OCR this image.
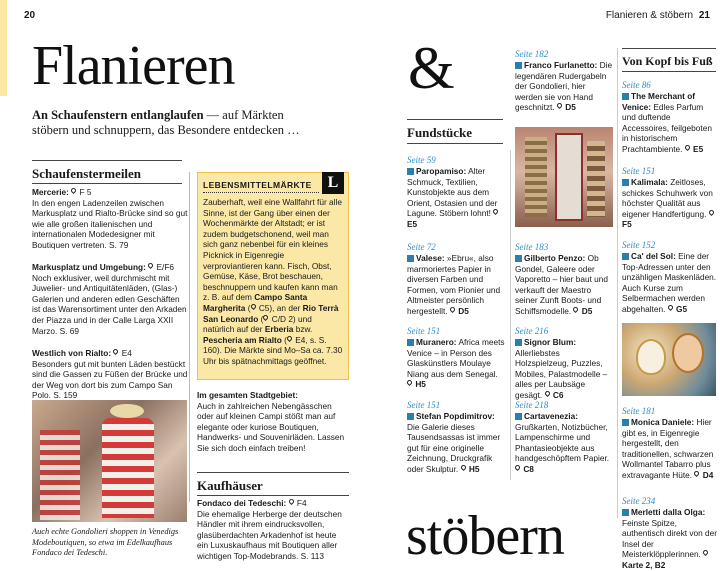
20	Flanieren & stöbern 21
Flanieren	&
stöbern
An Schaufenstern entlanglaufen — auf Märkten
stöbern und schnuppern, das Besondere entdecken …
Schaufenstermeilen
Mercerie: F 5
In den engen Ladenzeilen zwischen Markusplatz und Rialto-Brücke sind so gut wie alle großen italienischen und internationalen Modedesigner mit Boutiquen vertreten. S. 79
Markusplatz und Umgebung: E/F6
Noch exklusiver, weil durchmischt mit Juwelier- und Antiquitätenläden, (Glas-) Galerien und anderen edlen Geschäften ist das Warensortiment unter den Arkaden der Piazza und in der Calle Larga XXII Marzo. S. 69
Westlich von Rialto: E4
Besonders gut mit bunten Läden bestückt sind die Gassen zu Füßen der Brücke und der Weg von dort bis zum Campo San Polo. S. 159
Auch echte Gondolieri shoppen in Venedigs Modeboutiquen, so etwa im Edelkaufhaus Fondaco dei Tedeschi.
LEBENSMITTELMÄRKTE L
Zauberhaft, weil eine Wallfahrt für alle Sinne, ist der Gang über einen der Wochenmärkte der Altstadt; er ist zudem budgetschonend, weil man sich ganz nebenbei für ein kleines Picknick in Eigenregie verproviantieren kann. Fisch, Obst, Gemüse, Käse, Brot beschauen, beschnuppern und kaufen kann man z. B. auf dem Campo Santa Margherita ( C5), an der Rio Terrà San Leonardo ( C/D 2) und natürlich auf der Erberia bzw. Pescheria am Rialto ( E4, s. S. 160). Die Märkte sind Mo–Sa ca. 7.30 Uhr bis spätnachmittags geöffnet.
Im gesamten Stadtgebiet:
Auch in zahlreichen Nebengässchen oder auf kleinen Campi stößt man auf elegante oder kuriose Boutiquen, Handwerks- und Souvenirläden. Lassen Sie sich doch einfach treiben!
Kaufhäuser
Fondaco dei Tedeschi: F4
Die ehemalige Herberge der deutschen Händler mit ihrem eindrucksvollen, glasüberdachten Arkadenhof ist heute ein Luxuskaufhaus mit Boutiquen aller wichtigen Top-Modebrands. S. 113
Fundstücke
Seite 59
Paropamiso: Alter Schmuck, Textilien, Kunstobjekte aus dem Orient, Ostasien und der Lagune. Stöbern lohnt!  E5
Seite 72
Valese: »Ebru«, also marmoriertes Papier in diversen Farben und Formen, vom Pionier und Altmeister persönlich hergestellt. D5
Seite 151
Muranero: Africa meets Venice – in Person des Glaskünstlers Moulaye Niang aus dem Senegal.  H5
Seite 151
Stefan Popdimitrov: Die Galerie dieses Tausendsassas ist immer gut für eine originelle Zeichnung, Druckgrafik oder Skulptur. H5
Seite 182
Franco Furlanetto: Die legendären Rudergabeln der Gondolieri, hier werden sie von Hand geschnitzt. D5
Seite 183
Gilberto Penzo: Ob Gondel, Galeere oder Vaporetto – hier baut und verkauft der Maestro seiner Zunft Boots- und Schiffsmodelle. D5
Seite 216
Signor Blum: Allerliebstes Holzspielzeug, Puzzles, Mobiles, Palastmodelle – alles per Laubsäge gesägt. C6
Seite 218
Cartavenezia: Grußkarten, Notizbücher, Lampenschirme und Phantasieobjekte aus handgeschöpftem Papier.  C8
Von Kopf bis Fuß
Seite 86
The Merchant of Venice: Edles Parfum und duftende Accessoires, feilgeboten in historischem Prachtambiente. E5
Seite 151
Kalimala: Zeitloses, schickes Schuhwerk von höchster Qualität aus eigener Handfertigung.  F5
Seite 152
Ca' del Sol: Eine der Top-Adressen unter den unzähligen Maskenläden. Auch Kurse zum Selbermachen werden abgehalten. G5
Seite 181
Monica Daniele: Hier gibt es, in Eigenregie hergestellt, den traditionellen, schwarzen Wollmantel Tabarro plus extravagante Hüte. D4
Seite 234
Merletti dalla Olga: Feinste Spitze, authentisch direkt von der Insel der Meisterklöpplerinnen.  Karte 2, B2
